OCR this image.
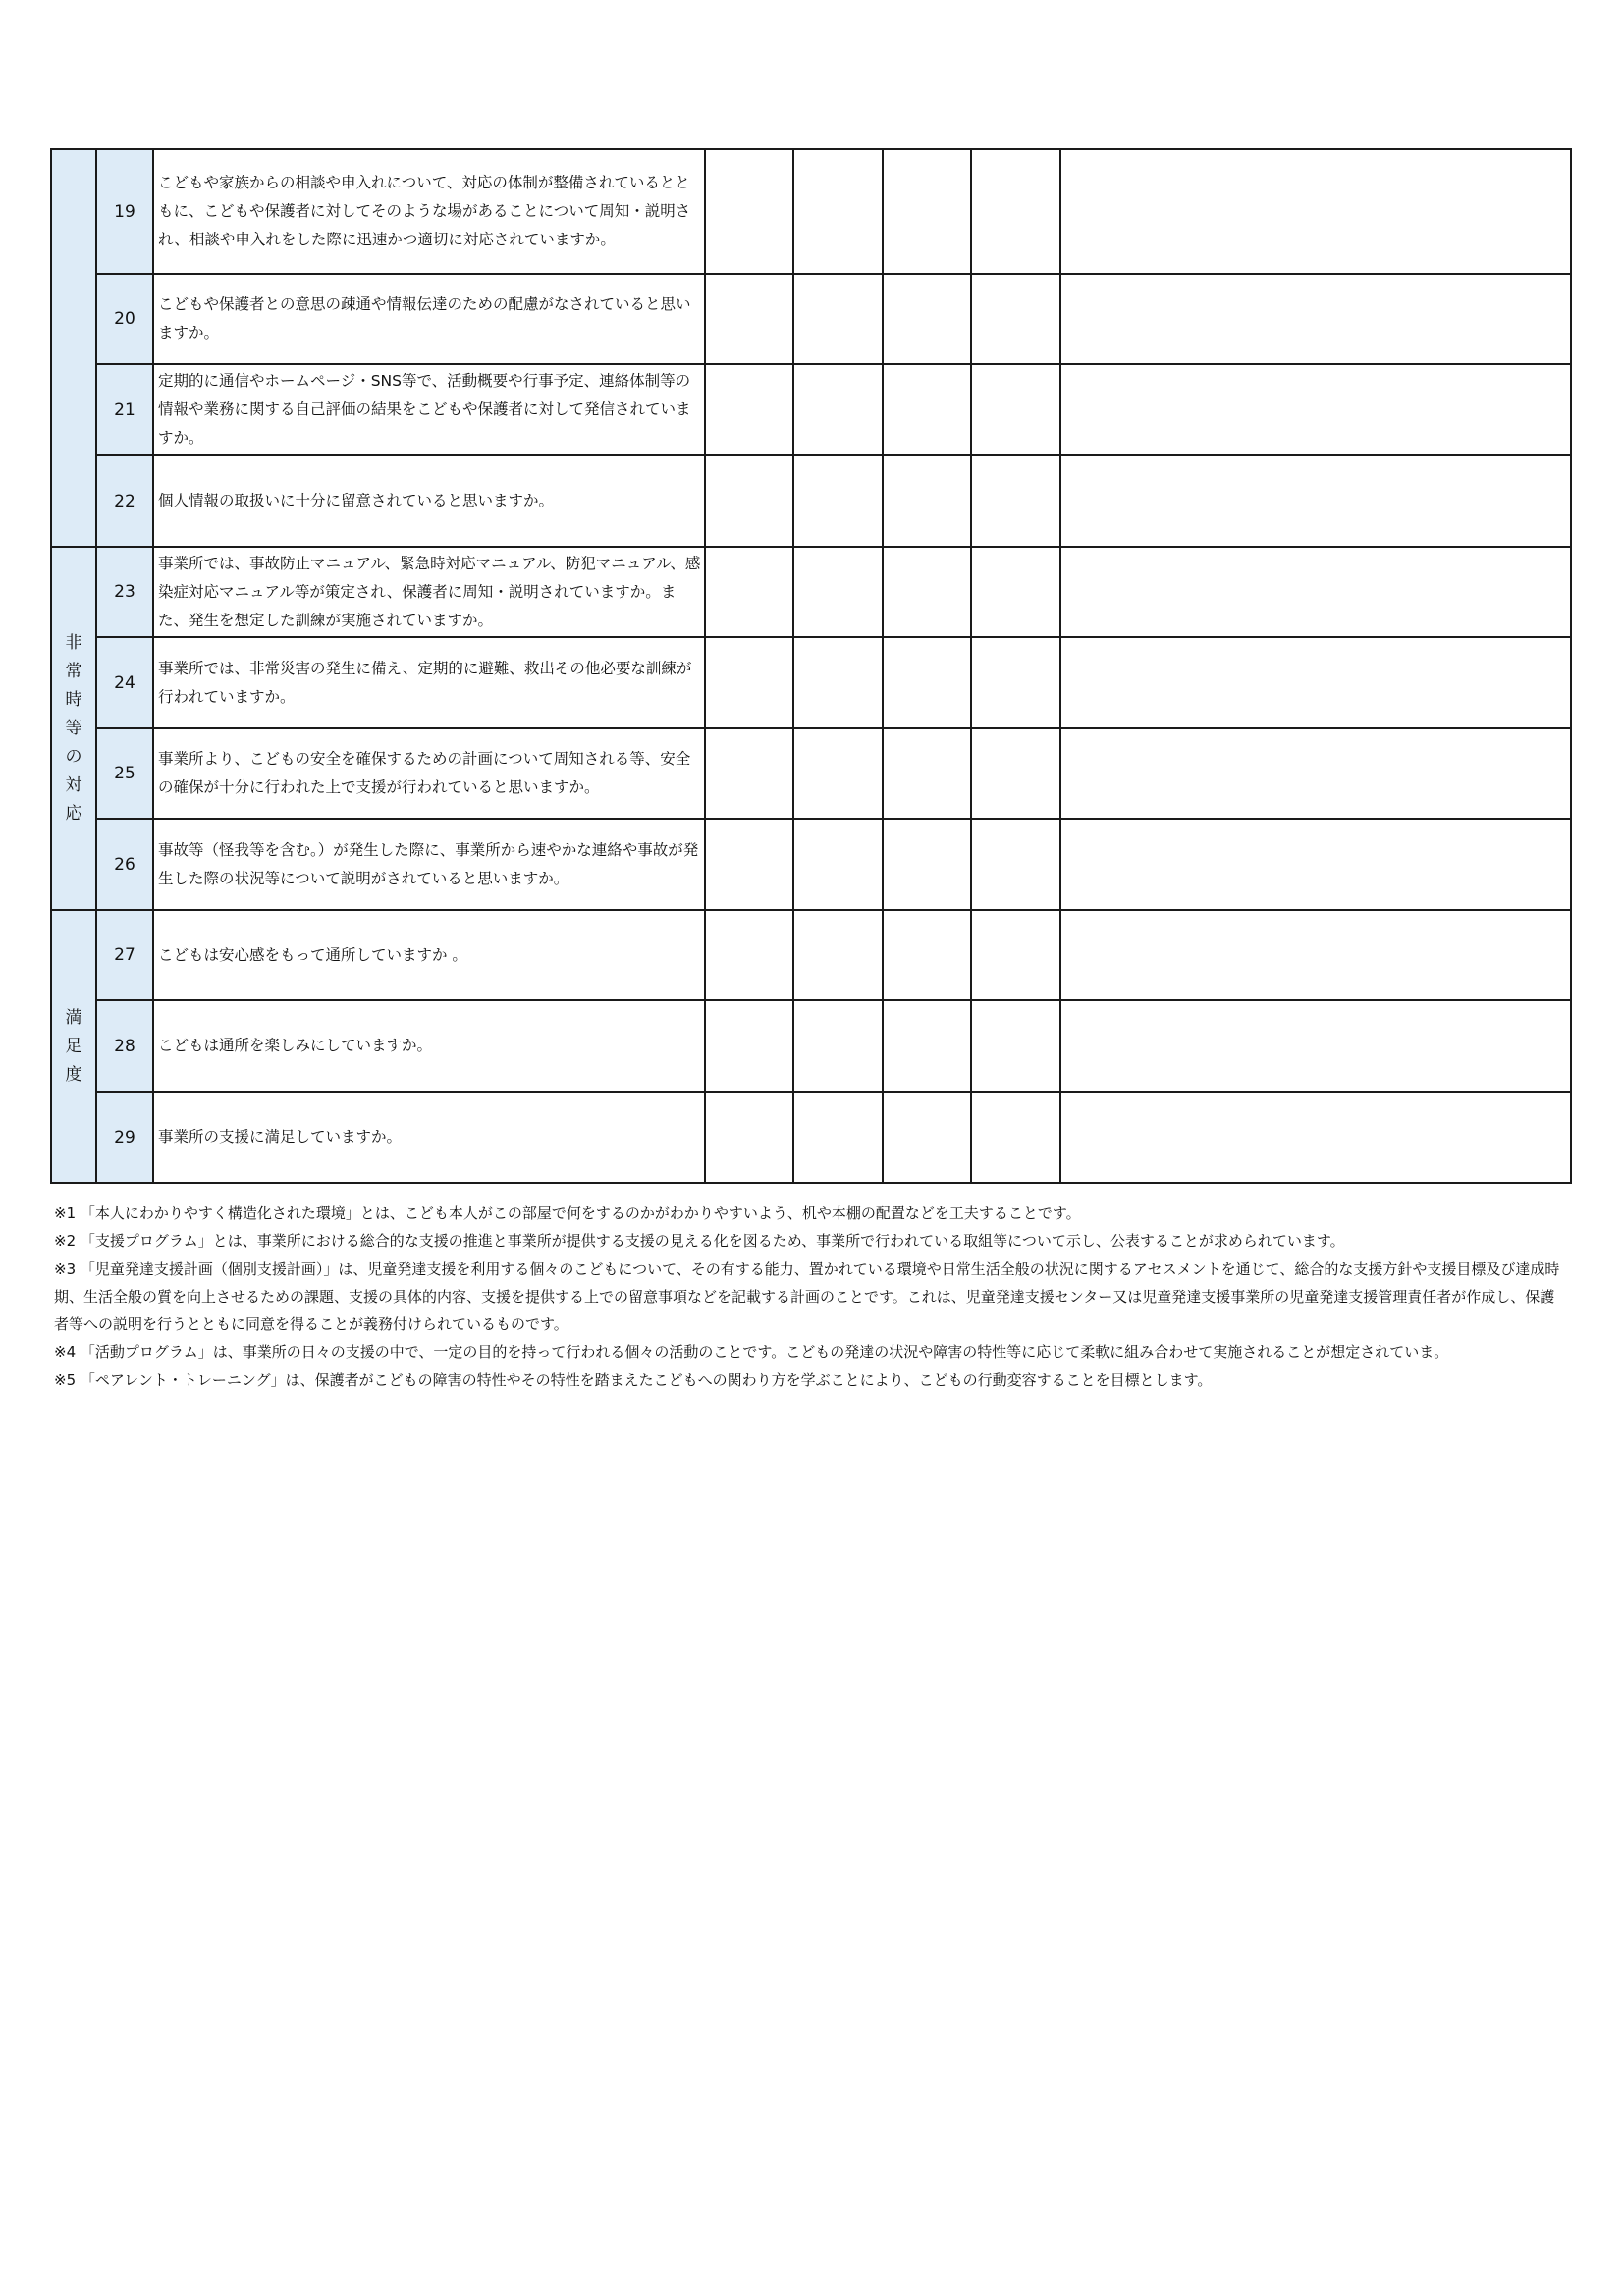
	19	こどもや家族からの相談や申入れについて、対応の体制が整備されているとともに、こどもや保護者に対してそのような場があることについて周知・説明され、相談や申入れをした際に迅速かつ適切に対応されていますか。					
	20	こどもや保護者との意思の疎通や情報伝達のための配慮がなされていると思いますか。					
	21	定期的に通信やホームページ・SNS等で、活動概要や行事予定、連絡体制等の情報や業務に関する自己評価の結果をこどもや保護者に対して発信されていますか。					
	22	個人情報の取扱いに十分に留意されていると思いますか。					
非常時等の対応	23	事業所では、事故防止マニュアル、緊急時対応マニュアル、防犯マニュアル、感染症対応マニュアル等が策定され、保護者に周知・説明されていますか。また、発生を想定した訓練が実施されていますか。					
	24	事業所では、非常災害の発生に備え、定期的に避難、救出その他必要な訓練が行われていますか。					
	25	事業所より、こどもの安全を確保するための計画について周知される等、安全の確保が十分に行われた上で支援が行われていると思いますか。					
	26	事故等（怪我等を含む。）が発生した際に、事業所から速やかな連絡や事故が発生した際の状況等について説明がされていると思いますか。					
満足度	27	こどもは安心感をもって通所していますか 。					
	28	こどもは通所を楽しみにしていますか。					
	29	事業所の支援に満足していますか。					

※1 「本人にわかりやすく構造化された環境」とは、こども本人がこの部屋で何をするのかがわかりやすいよう、机や本棚の配置などを工夫することです。

※2 「支援プログラム」とは、事業所における総合的な支援の推進と事業所が提供する支援の見える化を図るため、事業所で行われている取組等について示し、公表することが求められています。

※3 「児童発達支援計画（個別支援計画）」は、児童発達支援を利用する個々のこどもについて、その有する能力、置かれている環境や日常生活全般の状況に関するアセスメントを通じて、総合的な支援方針や支援目標及び達成時期、生活全般の質を向上させるための課題、支援の具体的内容、支援を提供する上での留意事項などを記載する計画のことです。これは、児童発達支援センター又は児童発達支援事業所の児童発達支援管理責任者が作成し、保護者等への説明を行うとともに同意を得ることが義務付けられているものです。

※4 「活動プログラム」は、事業所の日々の支援の中で、一定の目的を持って行われる個々の活動のことです。こどもの発達の状況や障害の特性等に応じて柔軟に組み合わせて実施されることが想定されていま。

※5 「ペアレント・トレーニング」は、保護者がこどもの障害の特性やその特性を踏まえたこどもへの関わり方を学ぶことにより、こどもの行動変容することを目標とします。
